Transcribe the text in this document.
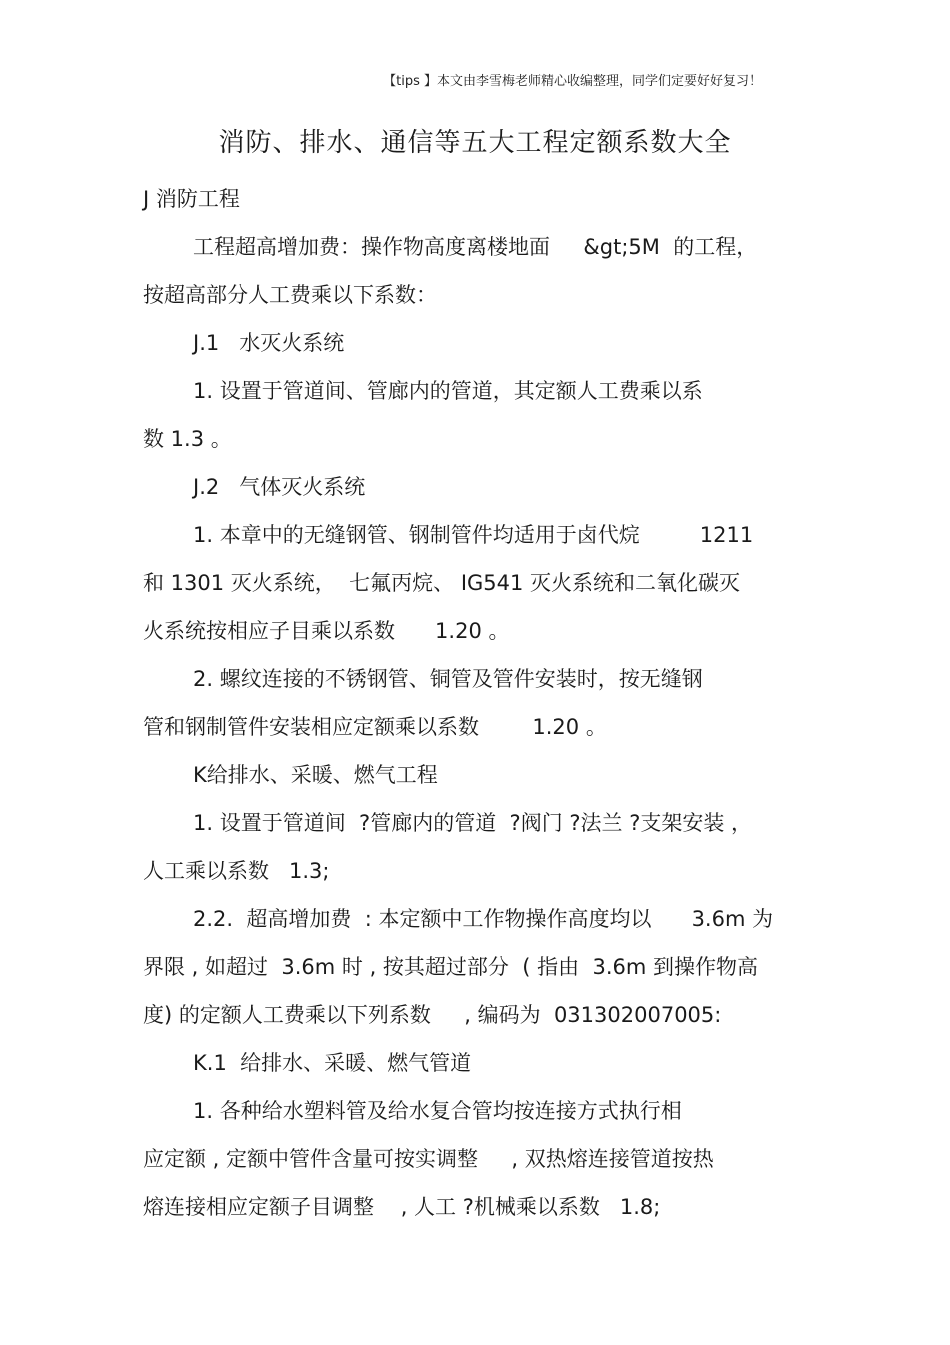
【tips 】本文由李雪梅老师精心收编整理，同学们定要好好复习！
消防、排水、通信等五大工程定额系数大全
J 消防工程
工程超高增加费：操作物高度离楼地面     &gt;5M  的工程，
按超高部分人工费乘以下系数：
J.1   水灭火系统
1. 设置于管道间、管廊内的管道，其定额人工费乘以系
数 1.3 。
J.2   气体灭火系统
1. 本章中的无缝钢管、钢制管件均适用于卤代烷         1211
和 1301 灭火系统，  七氟丙烷、 IG541 灭火系统和二氧化碳灭
火系统按相应子目乘以系数      1.20 。
2. 螺纹连接的不锈钢管、铜管及管件安装时，按无缝钢
管和钢制管件安装相应定额乘以系数        1.20 。
K给排水、采暖、燃气工程
1. 设置于管道间  ?管廊内的管道  ?阀门 ?法兰 ?支架安装 ，
人工乘以系数   1.3;
2.2.  超高增加费  : 本定额中工作物操作高度均以      3.6m 为
界限 , 如超过  3.6m 时 , 按其超过部分  ( 指由  3.6m 到操作物高
度) 的定额人工费乘以下列系数     , 编码为  031302007005:
K.1  给排水、采暖、燃气管道
1. 各种给水塑料管及给水复合管均按连接方式执行相
应定额 , 定额中管件含量可按实调整     , 双热熔连接管道按热
熔连接相应定额子目调整    , 人工 ?机械乘以系数   1.8;
